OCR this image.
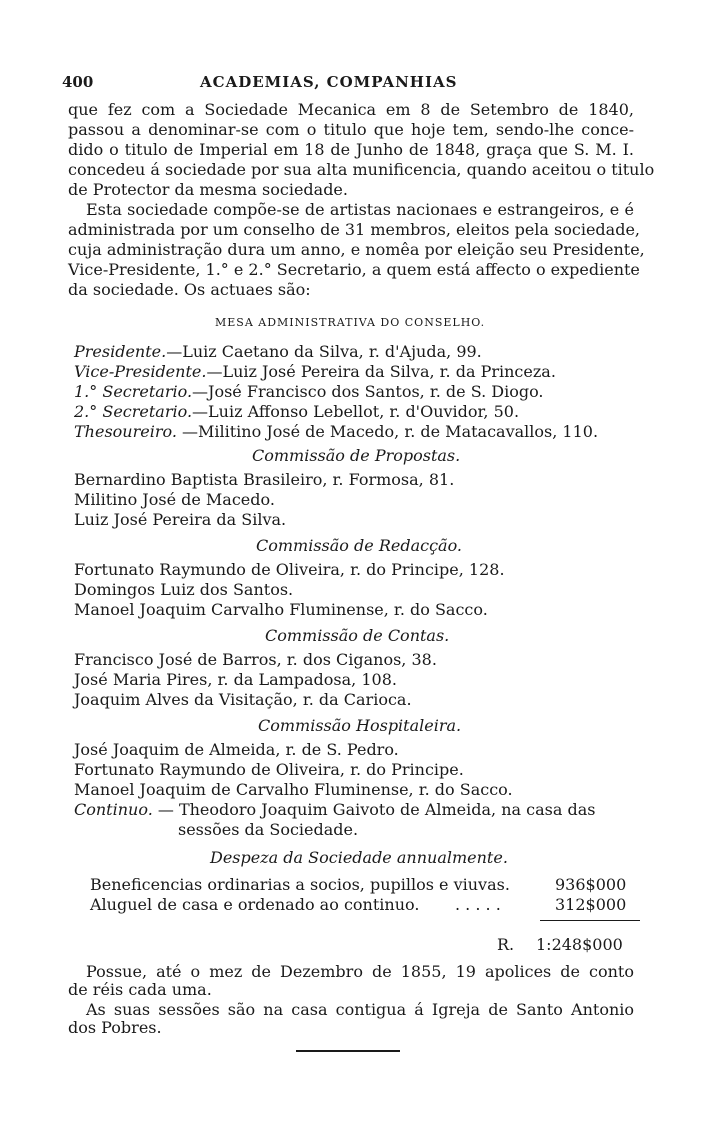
400	ACADEMIAS, COMPANHIAS
que fez com a Sociedade Mecanica em 8 de Setembro de 1840,
passou a denominar-se com o titulo que hoje tem, sendo-lhe conce-
dido o titulo de Imperial em 18 de Junho de 1848, graça que S. M. I.
concedeu á sociedade por sua alta munificencia, quando aceitou o titulo
de Protector da mesma sociedade.
Esta sociedade compõe-se de artistas nacionaes e estrangeiros, e é
administrada por um conselho de 31 membros, eleitos pela sociedade,
cuja administração dura um anno, e nomêa por eleição seu Presidente,
Vice-Presidente, 1.° e 2.° Secretario, a quem está affecto o expediente
da sociedade. Os actuaes são:
MESA ADMINISTRATIVA DO CONSELHO.
Presidente.—Luiz Caetano da Silva, r. d'Ajuda, 99.
Vice-Presidente.—Luiz José Pereira da Silva, r. da Princeza.
1.° Secretario.—José Francisco dos Santos, r. de S. Diogo.
2.° Secretario.—Luiz Affonso Lebellot, r. d'Ouvidor, 50.
Thesoureiro. —Militino José de Macedo, r. de Matacavallos, 110.
Commissão de Propostas.
Bernardino Baptista Brasileiro, r. Formosa, 81.
Militino José de Macedo.
Luiz José Pereira da Silva.
Commissão de Redacção.
Fortunato Raymundo de Oliveira, r. do Principe, 128.
Domingos Luiz dos Santos.
Manoel Joaquim Carvalho Fluminense, r. do Sacco.
Commissão de Contas.
Francisco José de Barros, r. dos Ciganos, 38.
José Maria Pires, r. da Lampadosa, 108.
Joaquim Alves da Visitação, r. da Carioca.
Commissão Hospitaleira.
José Joaquim de Almeida, r. de S. Pedro.
Fortunato Raymundo de Oliveira, r. do Principe.
Manoel Joaquim de Carvalho Fluminense, r. do Sacco.
Continuo. — Theodoro Joaquim Gaivoto de Almeida, na casa das
sessões da Sociedade.
Despeza da Sociedade annualmente.
Beneficencias ordinarias a socios, pupillos e viuvas.	936$000
Aluguel de casa e ordenado ao continuo. . . . . .	312$000
R. 1:248$000
Possue, até o mez de Dezembro de 1855, 19 apolices de conto
de réis cada uma.
As suas sessões são na casa contigua á Igreja de Santo Antonio
dos Pobres.
